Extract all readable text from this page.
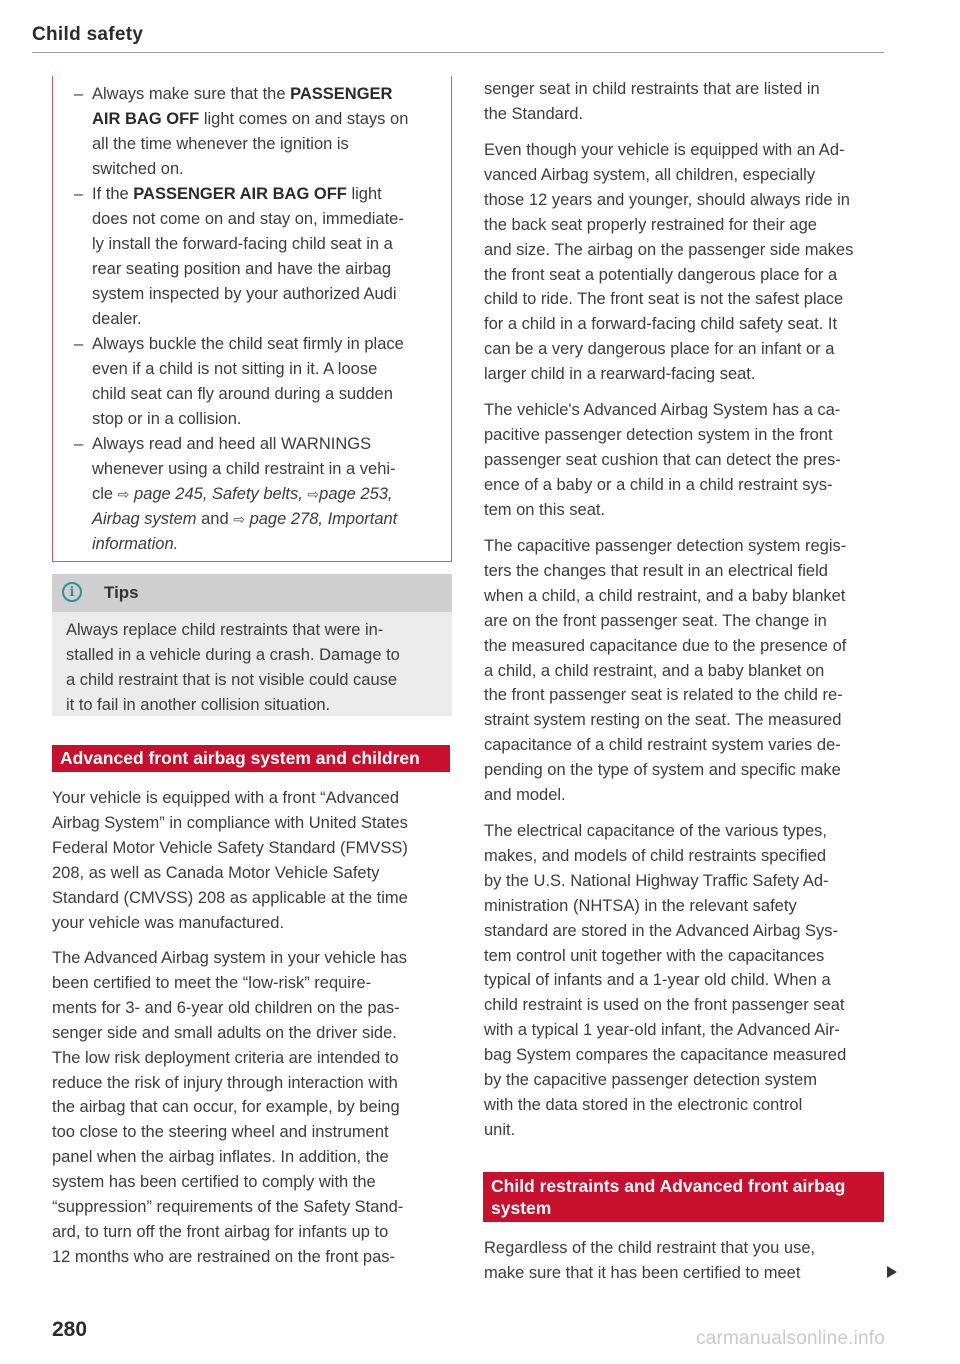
Child safety
– Always make sure that the PASSENGER
AIR BAG OFF light comes on and stays on
all the time whenever the ignition is
switched on.
– If the PASSENGER AIR BAG OFF light
does not come on and stay on, immediate-
ly install the forward-facing child seat in a
rear seating position and have the airbag
system inspected by your authorized Audi
dealer.
– Always buckle the child seat firmly in place
even if a child is not sitting in it. A loose
child seat can fly around during a sudden
stop or in a collision.
– Always read and heed all WARNINGS
whenever using a child restraint in a vehi-
cle ⇨ page 245, Safety belts, ⇨page 253,
Airbag system and ⇨ page 278, Important
information.
i	Tips
Always replace child restraints that were in-
stalled in a vehicle during a crash. Damage to
a child restraint that is not visible could cause
it to fail in another collision situation.
Advanced front airbag system and children

Your vehicle is equipped with a front “Advanced
Airbag System” in compliance with United States
Federal Motor Vehicle Safety Standard (FMVSS)
208, as well as Canada Motor Vehicle Safety
Standard (CMVSS) 208 as applicable at the time
your vehicle was manufactured.

The Advanced Airbag system in your vehicle has
been certified to meet the “low-risk” require-
ments for 3- and 6-year old children on the pas-
senger side and small adults on the driver side.
The low risk deployment criteria are intended to
reduce the risk of injury through interaction with
the airbag that can occur, for example, by being
too close to the steering wheel and instrument
panel when the airbag inflates. In addition, the
system has been certified to comply with the
“suppression” requirements of the Safety Stand-
ard, to turn off the front airbag for infants up to
12 months who are restrained on the front pas-

senger seat in child restraints that are listed in
the Standard.

Even though your vehicle is equipped with an Ad-
vanced Airbag system, all children, especially
those 12 years and younger, should always ride in
the back seat properly restrained for their age
and size. The airbag on the passenger side makes
the front seat a potentially dangerous place for a
child to ride. The front seat is not the safest place
for a child in a forward-facing child safety seat. It
can be a very dangerous place for an infant or a
larger child in a rearward-facing seat.

The vehicle's Advanced Airbag System has a ca-
pacitive passenger detection system in the front
passenger seat cushion that can detect the pres-
ence of a baby or a child in a child restraint sys-
tem on this seat.

The capacitive passenger detection system regis-
ters the changes that result in an electrical field
when a child, a child restraint, and a baby blanket
are on the front passenger seat. The change in
the measured capacitance due to the presence of
a child, a child restraint, and a baby blanket on
the front passenger seat is related to the child re-
straint system resting on the seat. The measured
capacitance of a child restraint system varies de-
pending on the type of system and specific make
and model.

The electrical capacitance of the various types,
makes, and models of child restraints specified
by the U.S. National Highway Traffic Safety Ad-
ministration (NHTSA) in the relevant safety
standard are stored in the Advanced Airbag Sys-
tem control unit together with the capacitances
typical of infants and a 1-year old child. When a
child restraint is used on the front passenger seat
with a typical 1 year-old infant, the Advanced Air-
bag System compares the capacitance measured
by the capacitive passenger detection system
with the data stored in the electronic control
unit.

Child restraints and Advanced front airbag
system

Regardless of the child restraint that you use,
make sure that it has been certified to meet

280	carmanualsonline.info
